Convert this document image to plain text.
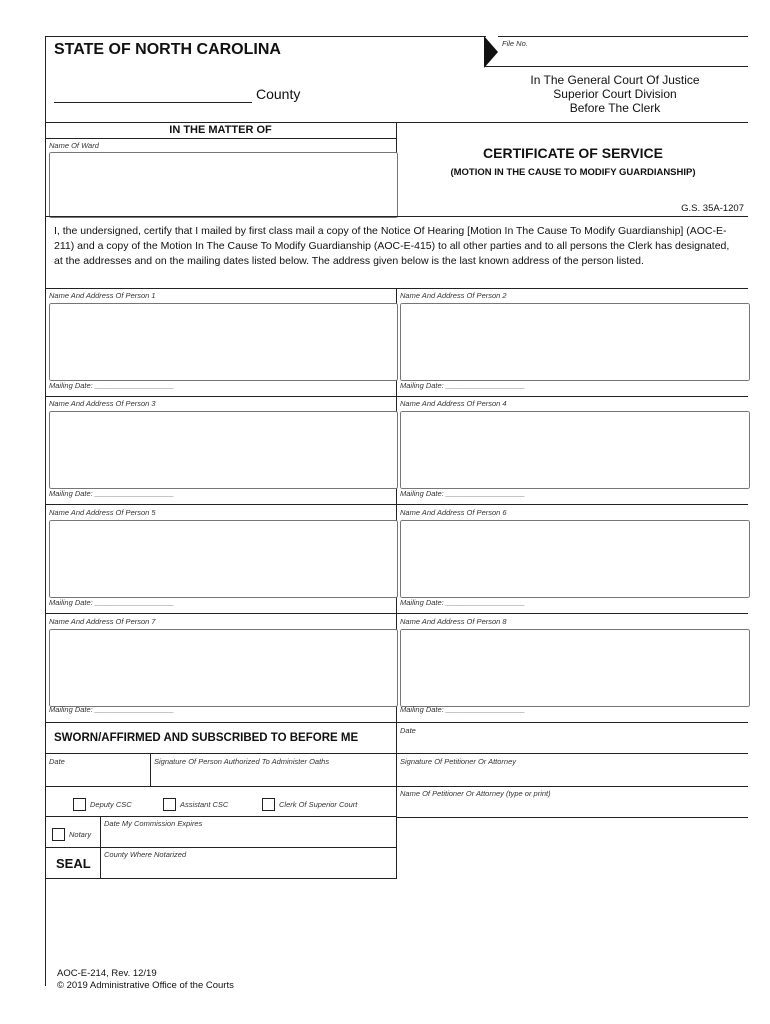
STATE OF NORTH CAROLINA
County
File No.
In The General Court Of Justice
Superior Court Division
Before The Clerk
IN THE MATTER OF
Name Of Ward	CERTIFICATE OF SERVICE
(MOTION IN THE CAUSE TO MODIFY GUARDIANSHIP)
G.S. 35A-1207
I, the undersigned, certify that I mailed by first class mail a copy of the Notice Of Hearing [Motion In The Cause To Modify Guardianship] (AOC-E-211) and a copy of the Motion In The Cause To Modify Guardianship (AOC-E-415) to all other parties and to all persons the Clerk has designated, at the addresses and on the mailing dates listed below. The address given below is the last known address of the person listed.
Name And Address Of Person 1
Mailing Date: ___________________
Name And Address Of Person 2
Mailing Date: ___________________
Name And Address Of Person 3
Mailing Date: ___________________
Name And Address Of Person 4
Mailing Date: ___________________
Name And Address Of Person 5
Mailing Date: ___________________
Name And Address Of Person 6
Mailing Date: ___________________
Name And Address Of Person 7
Mailing Date: ___________________
Name And Address Of Person 8
Mailing Date: ___________________
SWORN/AFFIRMED AND SUBSCRIBED TO BEFORE ME
Date
Date	Signature Of Person Authorized To Administer Oaths	Signature Of Petitioner Or Attorney
Name Of Petitioner Or Attorney (type or print)
Deputy CSC	Assistant CSC	Clerk Of Superior Court
Notary
Date My Commission Expires
SEAL
County Where Notarized
AOC-E-214, Rev. 12/19
© 2019 Administrative Office of the Courts
